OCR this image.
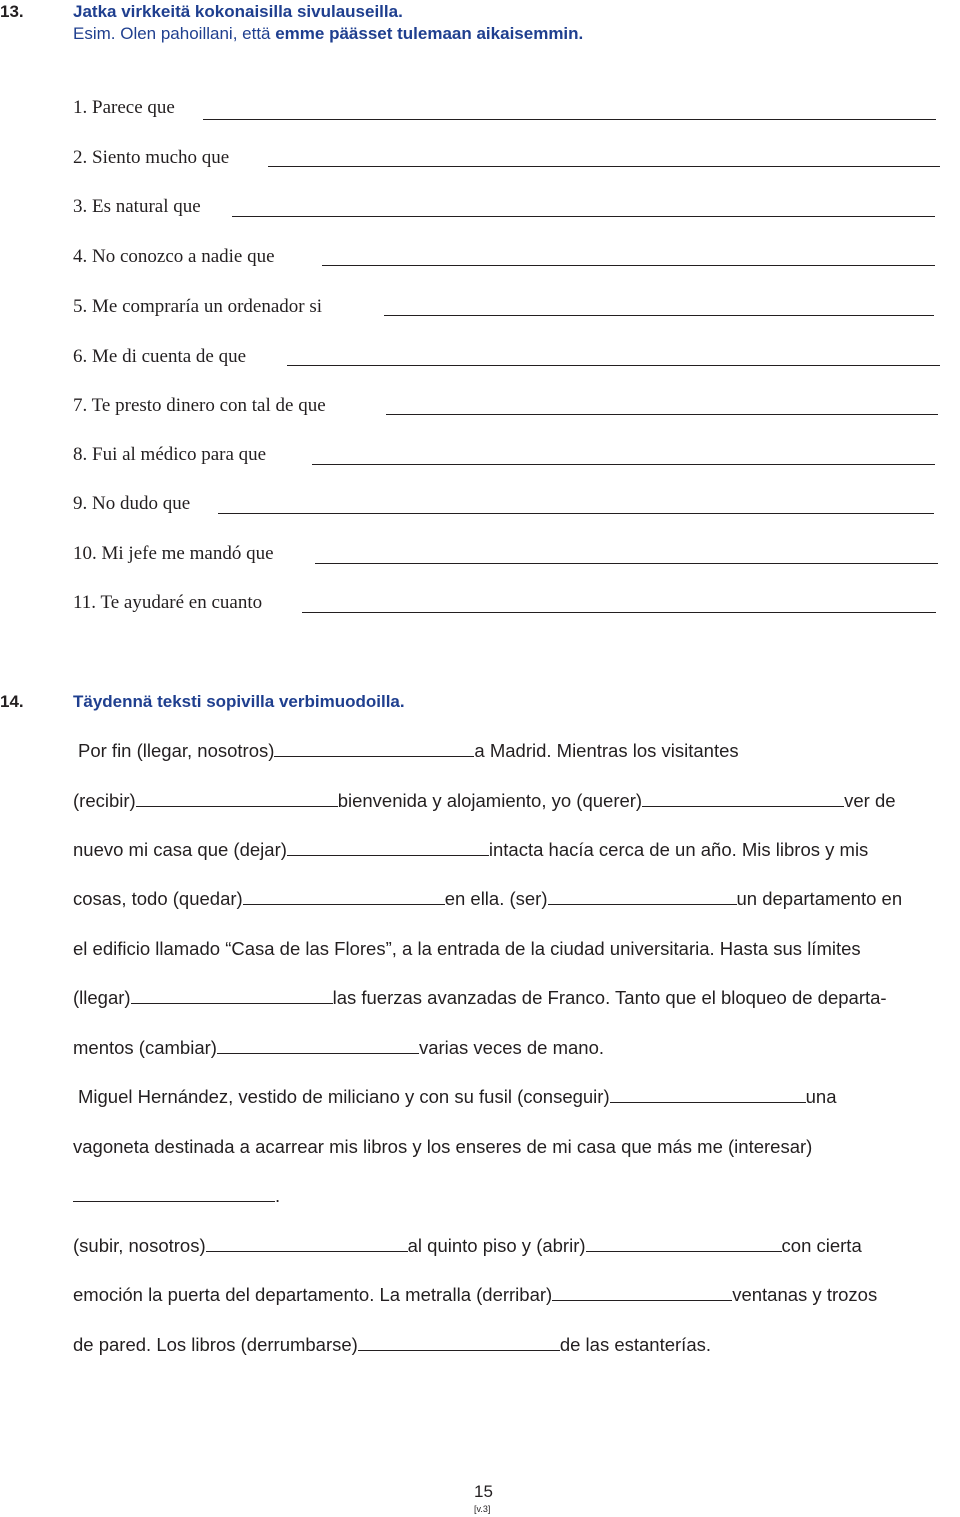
13.	Jatka virkkeitä kokonaisilla sivulauseilla.
Esim. Olen pahoillani, että emme päässet tulemaan aikaisemmin.
1. Parece que
2. Siento mucho que
3. Es natural que
4. No conozco a nadie que
5. Me compraría un ordenador si
6. Me di cuenta de que
7. Te presto dinero con tal de que
8. Fui al médico para que
9. No dudo que
10. Mi jefe me mandó que
11. Te ayudaré en cuanto
14.	Täydennä teksti sopivilla verbimuodoilla.
Por fin (llegar, nosotros)	a Madrid. Mientras los visitantes
(recibir)	bienvenida y alojamiento, yo (querer)	ver de
nuevo mi casa que (dejar)	intacta hacía cerca de un año. Mis libros y mis
cosas, todo (quedar)	en ella. (ser)	un departamento en
el edificio llamado “Casa de las Flores”, a la entrada de la ciudad universitaria. Hasta sus límites
(llegar)	las fuerzas avanzadas de Franco. Tanto que el bloqueo de departa-
mentos (cambiar)	varias veces de mano.
Miguel Hernández, vestido de miliciano y con su fusil (conseguir)	una
vagoneta destinada a acarrear mis libros y los enseres de mi casa que más me (interesar)
.
(subir, nosotros)	al quinto piso y (abrir)	con cierta
emoción la puerta del departamento. La metralla (derribar)	ventanas y trozos
de pared. Los libros (derrumbarse)	de las estanterías.
15
[v.3]
